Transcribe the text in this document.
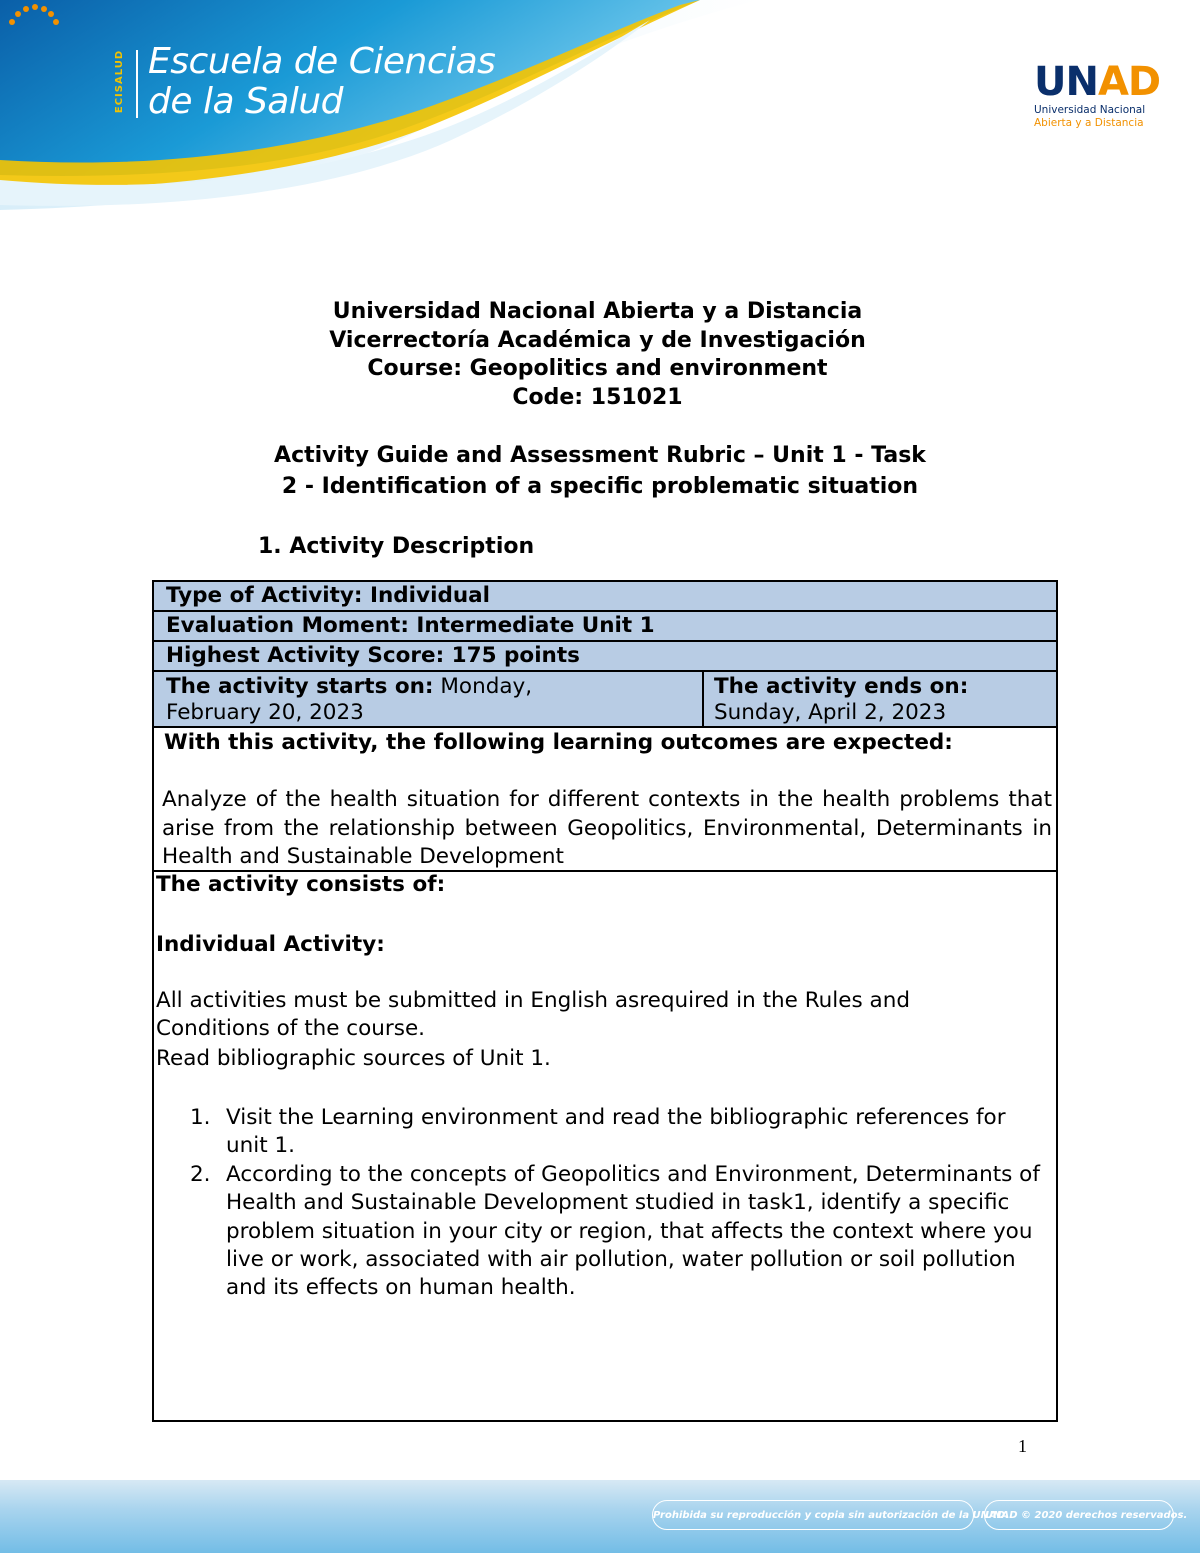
ECISALUD Escuela de Ciencias
de la Salud	UNAD
Universidad Nacional
Abierta y a Distancia
Universidad Nacional Abierta y a Distancia
Vicerrectoría Académica y de Investigación
Course: Geopolitics and environment
Code: 151021
Activity Guide and Assessment Rubric – Unit 1 - Task
2 - Identification of a specific problematic situation
1. Activity Description
Type of Activity: Individual
Evaluation Moment: Intermediate Unit 1
Highest Activity Score: 175 points
The activity starts on: Monday,
February 20, 2023
The activity ends on:
Sunday, April 2, 2023
With this activity, the following learning outcomes are expected:
Analyze of the health situation for different contexts in the health problems that arise from the relationship between Geopolitics, Environmental, Determinants in Health and Sustainable Development
The activity consists of:
Individual Activity:
All activities must be submitted in English asrequired in the Rules and
Conditions of the course.
Read bibliographic sources of Unit 1.
1. Visit the Learning environment and read the bibliographic references for unit 1.
2. According to the concepts of Geopolitics and Environment, Determinants of Health and Sustainable Development studied in task1, identify a specific problem situation in your city or region, that affects the context where you live or work, associated with air pollution, water pollution or soil pollution and its effects on human health.
1
Prohibida su reproducción y copia sin autorización de la UNAD.
UNAD © 2020 derechos reservados.
